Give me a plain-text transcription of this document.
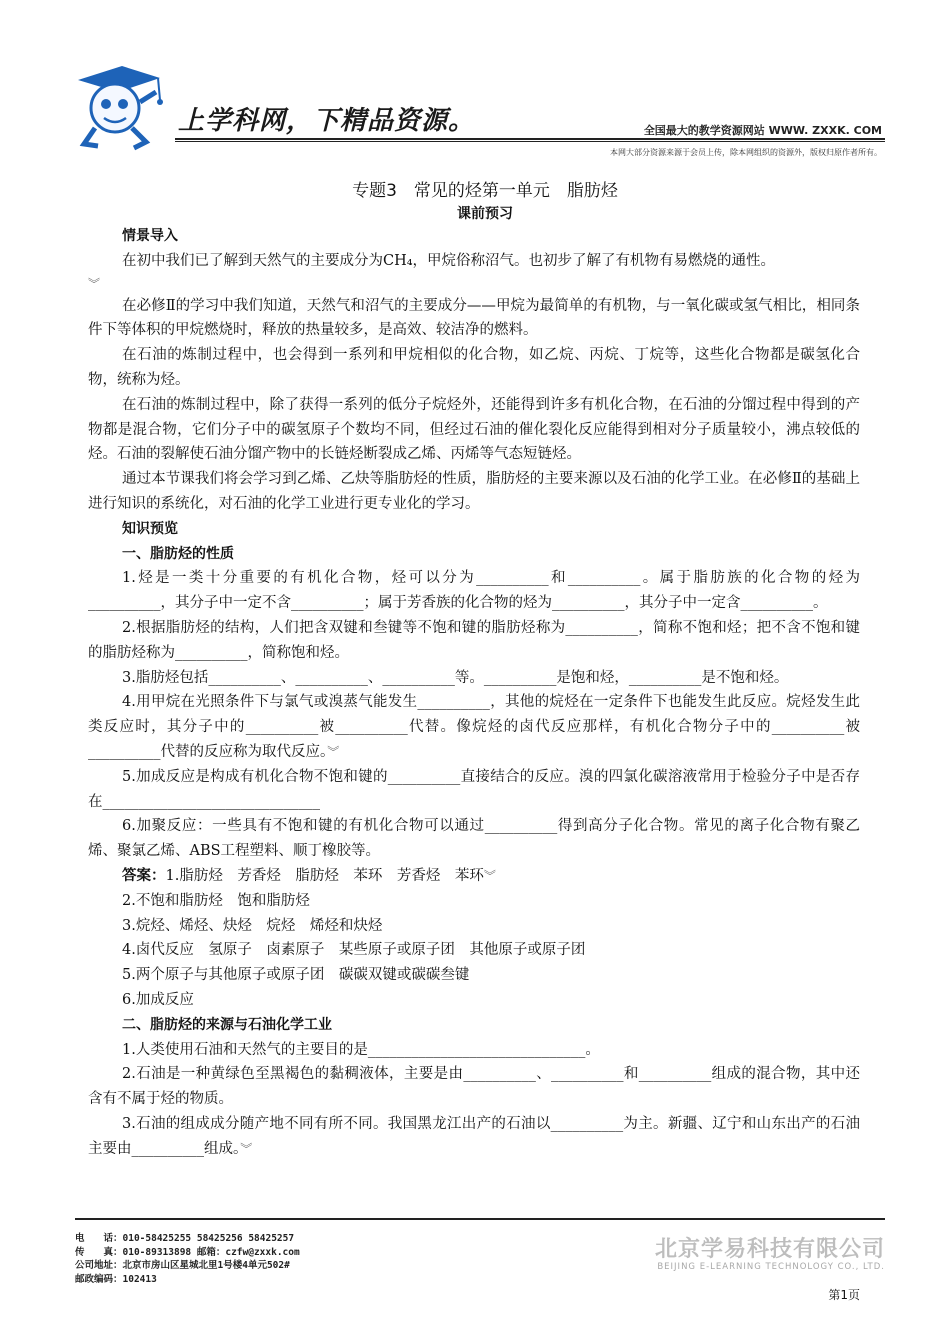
上学科网，下精品资源。	全国最大的教学资源网站 WWW. ZXXK. COM
本网大部分资源来源于会员上传，除本网组织的资源外，版权归原作者所有。
专题3　常见的烃第一单元　脂肪烃
课前预习
情景导入

在初中我们已了解到天然气的主要成分为CH₄，甲烷俗称沼气。也初步了解了有机物有易燃烧的通性。

︾

在必修Ⅱ的学习中我们知道，天然气和沼气的主要成分——甲烷为最简单的有机物，与一氧化碳或氢气相比，相同条件下等体积的甲烷燃烧时，释放的热量较多，是高效、较洁净的燃料。

在石油的炼制过程中，也会得到一系列和甲烷相似的化合物，如乙烷、丙烷、丁烷等，这些化合物都是碳氢化合物，统称为烃。

在石油的炼制过程中，除了获得一系列的低分子烷烃外，还能得到许多有机化合物，在石油的分馏过程中得到的产物都是混合物，它们分子中的碳氢原子个数均不同，但经过石油的催化裂化反应能得到相对分子质量较小，沸点较低的烃。石油的裂解使石油分馏产物中的长链烃断裂成乙烯、丙烯等气态短链烃。

通过本节课我们将会学习到乙烯、乙炔等脂肪烃的性质，脂肪烃的主要来源以及石油的化学工业。在必修Ⅱ的基础上进行知识的系统化，对石油的化学工业进行更专业化的学习。

知识预览
一、脂肪烃的性质

1.烃是一类十分重要的有机化合物，烃可以分为__________和__________。属于脂肪族的化合物的烃为__________，其分子中一定不含__________；属于芳香族的化合物的烃为__________，其分子中一定含__________。

2.根据脂肪烃的结构，人们把含双键和叁键等不饱和键的脂肪烃称为__________，简称不饱和烃；把不含不饱和键的脂肪烃称为__________，简称饱和烃。

3.脂肪烃包括__________、__________、__________等。__________是饱和烃，__________是不饱和烃。

4.用甲烷在光照条件下与氯气或溴蒸气能发生__________，其他的烷烃在一定条件下也能发生此反应。烷烃发生此类反应时，其分子中的__________被__________代替。像烷烃的卤代反应那样，有机化合物分子中的__________被__________代替的反应称为取代反应。︾

5.加成反应是构成有机化合物不饱和键的__________直接结合的反应。溴的四氯化碳溶液常用于检验分子中是否存在______________________________

6.加聚反应：一些具有不饱和键的有机化合物可以通过__________得到高分子化合物。常见的离子化合物有聚乙烯、聚氯乙烯、ABS工程塑料、顺丁橡胶等。

答案：1.脂肪烃　芳香烃　脂肪烃　苯环　芳香烃　苯环︾

2.不饱和脂肪烃　饱和脂肪烃

3.烷烃、烯烃、炔烃　烷烃　烯烃和炔烃

4.卤代反应　氢原子　卤素原子　某些原子或原子团　其他原子或原子团

5.两个原子与其他原子或原子团　碳碳双键或碳碳叁键

6.加成反应

二、脂肪烃的来源与石油化学工业

1.人类使用石油和天然气的主要目的是______________________________。

2.石油是一种黄绿色至黑褐色的黏稠液体，主要是由__________、__________和__________组成的混合物，其中还含有不属于烃的物质。

3.石油的组成成分随产地不同有所不同。我国黑龙江出产的石油以__________为主。新疆、辽宁和山东出产的石油主要由__________组成。︾

电　　话：010-58425255 58425256 58425257
传　　真：010-89313898 邮箱：czfw@zxxk.com
公司地址：北京市房山区星城北里1号楼4单元502#
邮政编码：102413
北京学易科技有限公司
BEIJING E-LEARNING TECHNOLOGY CO., LTD.
第1页
